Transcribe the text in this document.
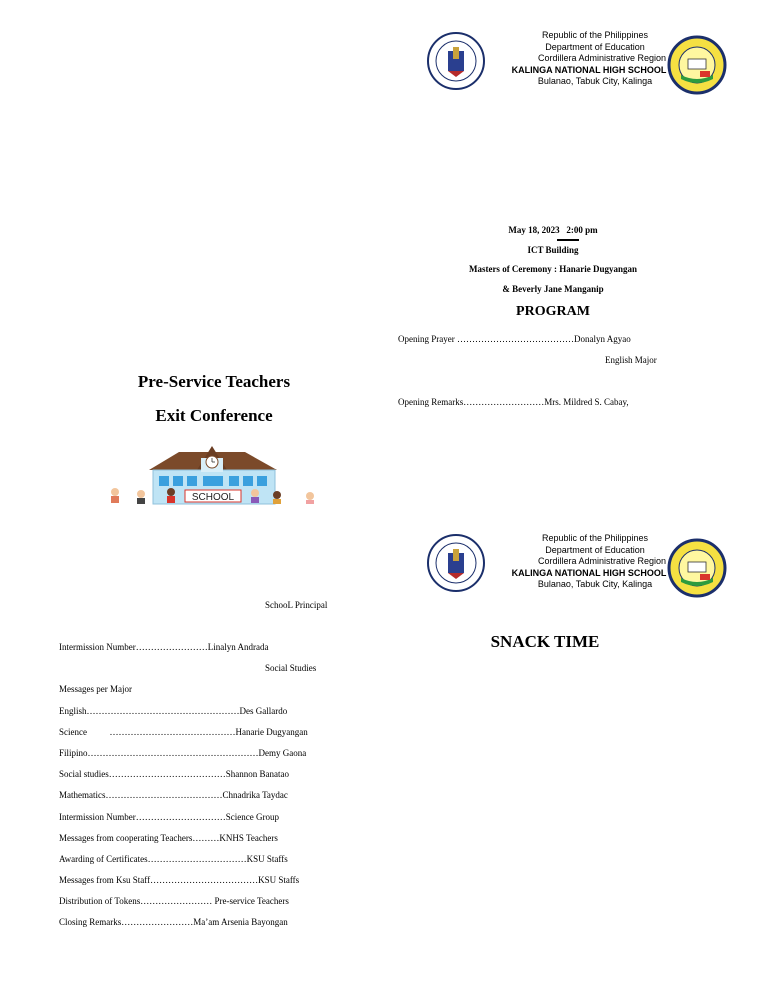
Republic of the Philippines
Department of Education
Cordillera Administrative Region
KALINGA NATIONAL HIGH SCHOOL
Bulanao, Tabuk City, Kalinga
May 18, 2023 2:00 pm
ICT Building
Masters of Ceremony : Hanarie Dugyangan
& Beverly Jane Manganip
PROGRAM
Opening Prayer …………………………………Donalyn Agyao
English Major
Opening Remarks………………………Mrs. Mildred S. Cabay,
Pre-Service Teachers
Exit Conference
SCHOOL
Republic of the Philippines
Department of Education
Cordillera Administrative Region
KALINGA NATIONAL HIGH SCHOOL
Bulanao, Tabuk City, Kalinga
SNACK TIME
SchooL Principal
Intermission Number……………………Linalyn Andrada
Social Studies
Messages per Major
English……………………………………………Des Gallardo
Science          ……………………………………Hanarie Dugyangan
Filipino…………………………………………………Demy Gaona
Social studies…………………………………Shannon Banatao
Mathematics…………………………………Chnadrika Taydac
Intermission Number…………………………Science Group
Messages from cooperating Teachers………KNHS Teachers
Awarding of Certificates……………………………KSU Staffs
Messages from Ksu Staff………………………………KSU Staffs
Distribution of Tokens…………………… Pre-service Teachers
Closing Remarks……………………Ma’am Arsenia Bayongan
